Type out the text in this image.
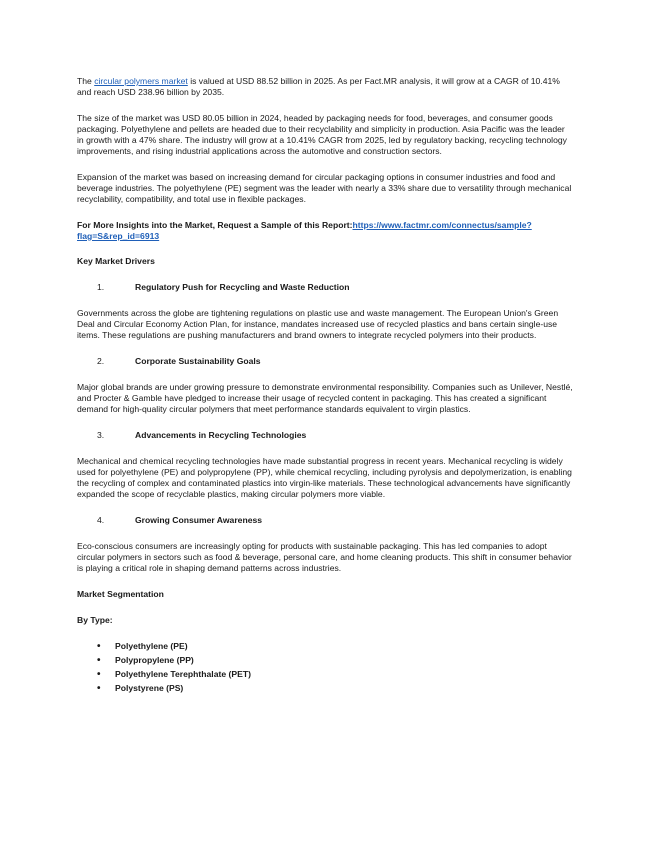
The circular polymers market is valued at USD 88.52 billion in 2025. As per Fact.MR analysis, it will grow at a CAGR of 10.41% and reach USD 238.96 billion by 2035.

The size of the market was USD 80.05 billion in 2024, headed by packaging needs for food, beverages, and consumer goods packaging. Polyethylene and pellets are headed due to their recyclability and simplicity in production. Asia Pacific was the leader in growth with a 47% share. The industry will grow at a 10.41% CAGR from 2025, led by regulatory backing, recycling technology improvements, and rising industrial applications across the automotive and construction sectors.

Expansion of the market was based on increasing demand for circular packaging options in consumer industries and food and beverage industries. The polyethylene (PE) segment was the leader with nearly a 33% share due to versatility through mechanical recyclability, compatibility, and total use in flexible packages.

For More Insights into the Market, Request a Sample of this Report:https://www.factmr.com/connectus/sample?flag=S&rep_id=6913

Key Market Drivers

1.	Regulatory Push for Recycling and Waste Reduction

Governments across the globe are tightening regulations on plastic use and waste management. The European Union's Green Deal and Circular Economy Action Plan, for instance, mandates increased use of recycled plastics and bans certain single-use items. These regulations are pushing manufacturers and brand owners to integrate recycled polymers into their products.

2.	Corporate Sustainability Goals

Major global brands are under growing pressure to demonstrate environmental responsibility. Companies such as Unilever, Nestlé, and Procter & Gamble have pledged to increase their usage of recycled content in packaging. This has created a significant demand for high-quality circular polymers that meet performance standards equivalent to virgin plastics.

3.	Advancements in Recycling Technologies

Mechanical and chemical recycling technologies have made substantial progress in recent years. Mechanical recycling is widely used for polyethylene (PE) and polypropylene (PP), while chemical recycling, including pyrolysis and depolymerization, is enabling the recycling of complex and contaminated plastics into virgin-like materials. These technological advancements have significantly expanded the scope of recyclable plastics, making circular polymers more viable.

4.	Growing Consumer Awareness

Eco-conscious consumers are increasingly opting for products with sustainable packaging. This has led companies to adopt circular polymers in sectors such as food & beverage, personal care, and home cleaning products. This shift in consumer behavior is playing a critical role in shaping demand patterns across industries.

Market Segmentation

By Type:

•	Polyethylene (PE)
•	Polypropylene (PP)
•	Polyethylene Terephthalate (PET)
•	Polystyrene (PS)
